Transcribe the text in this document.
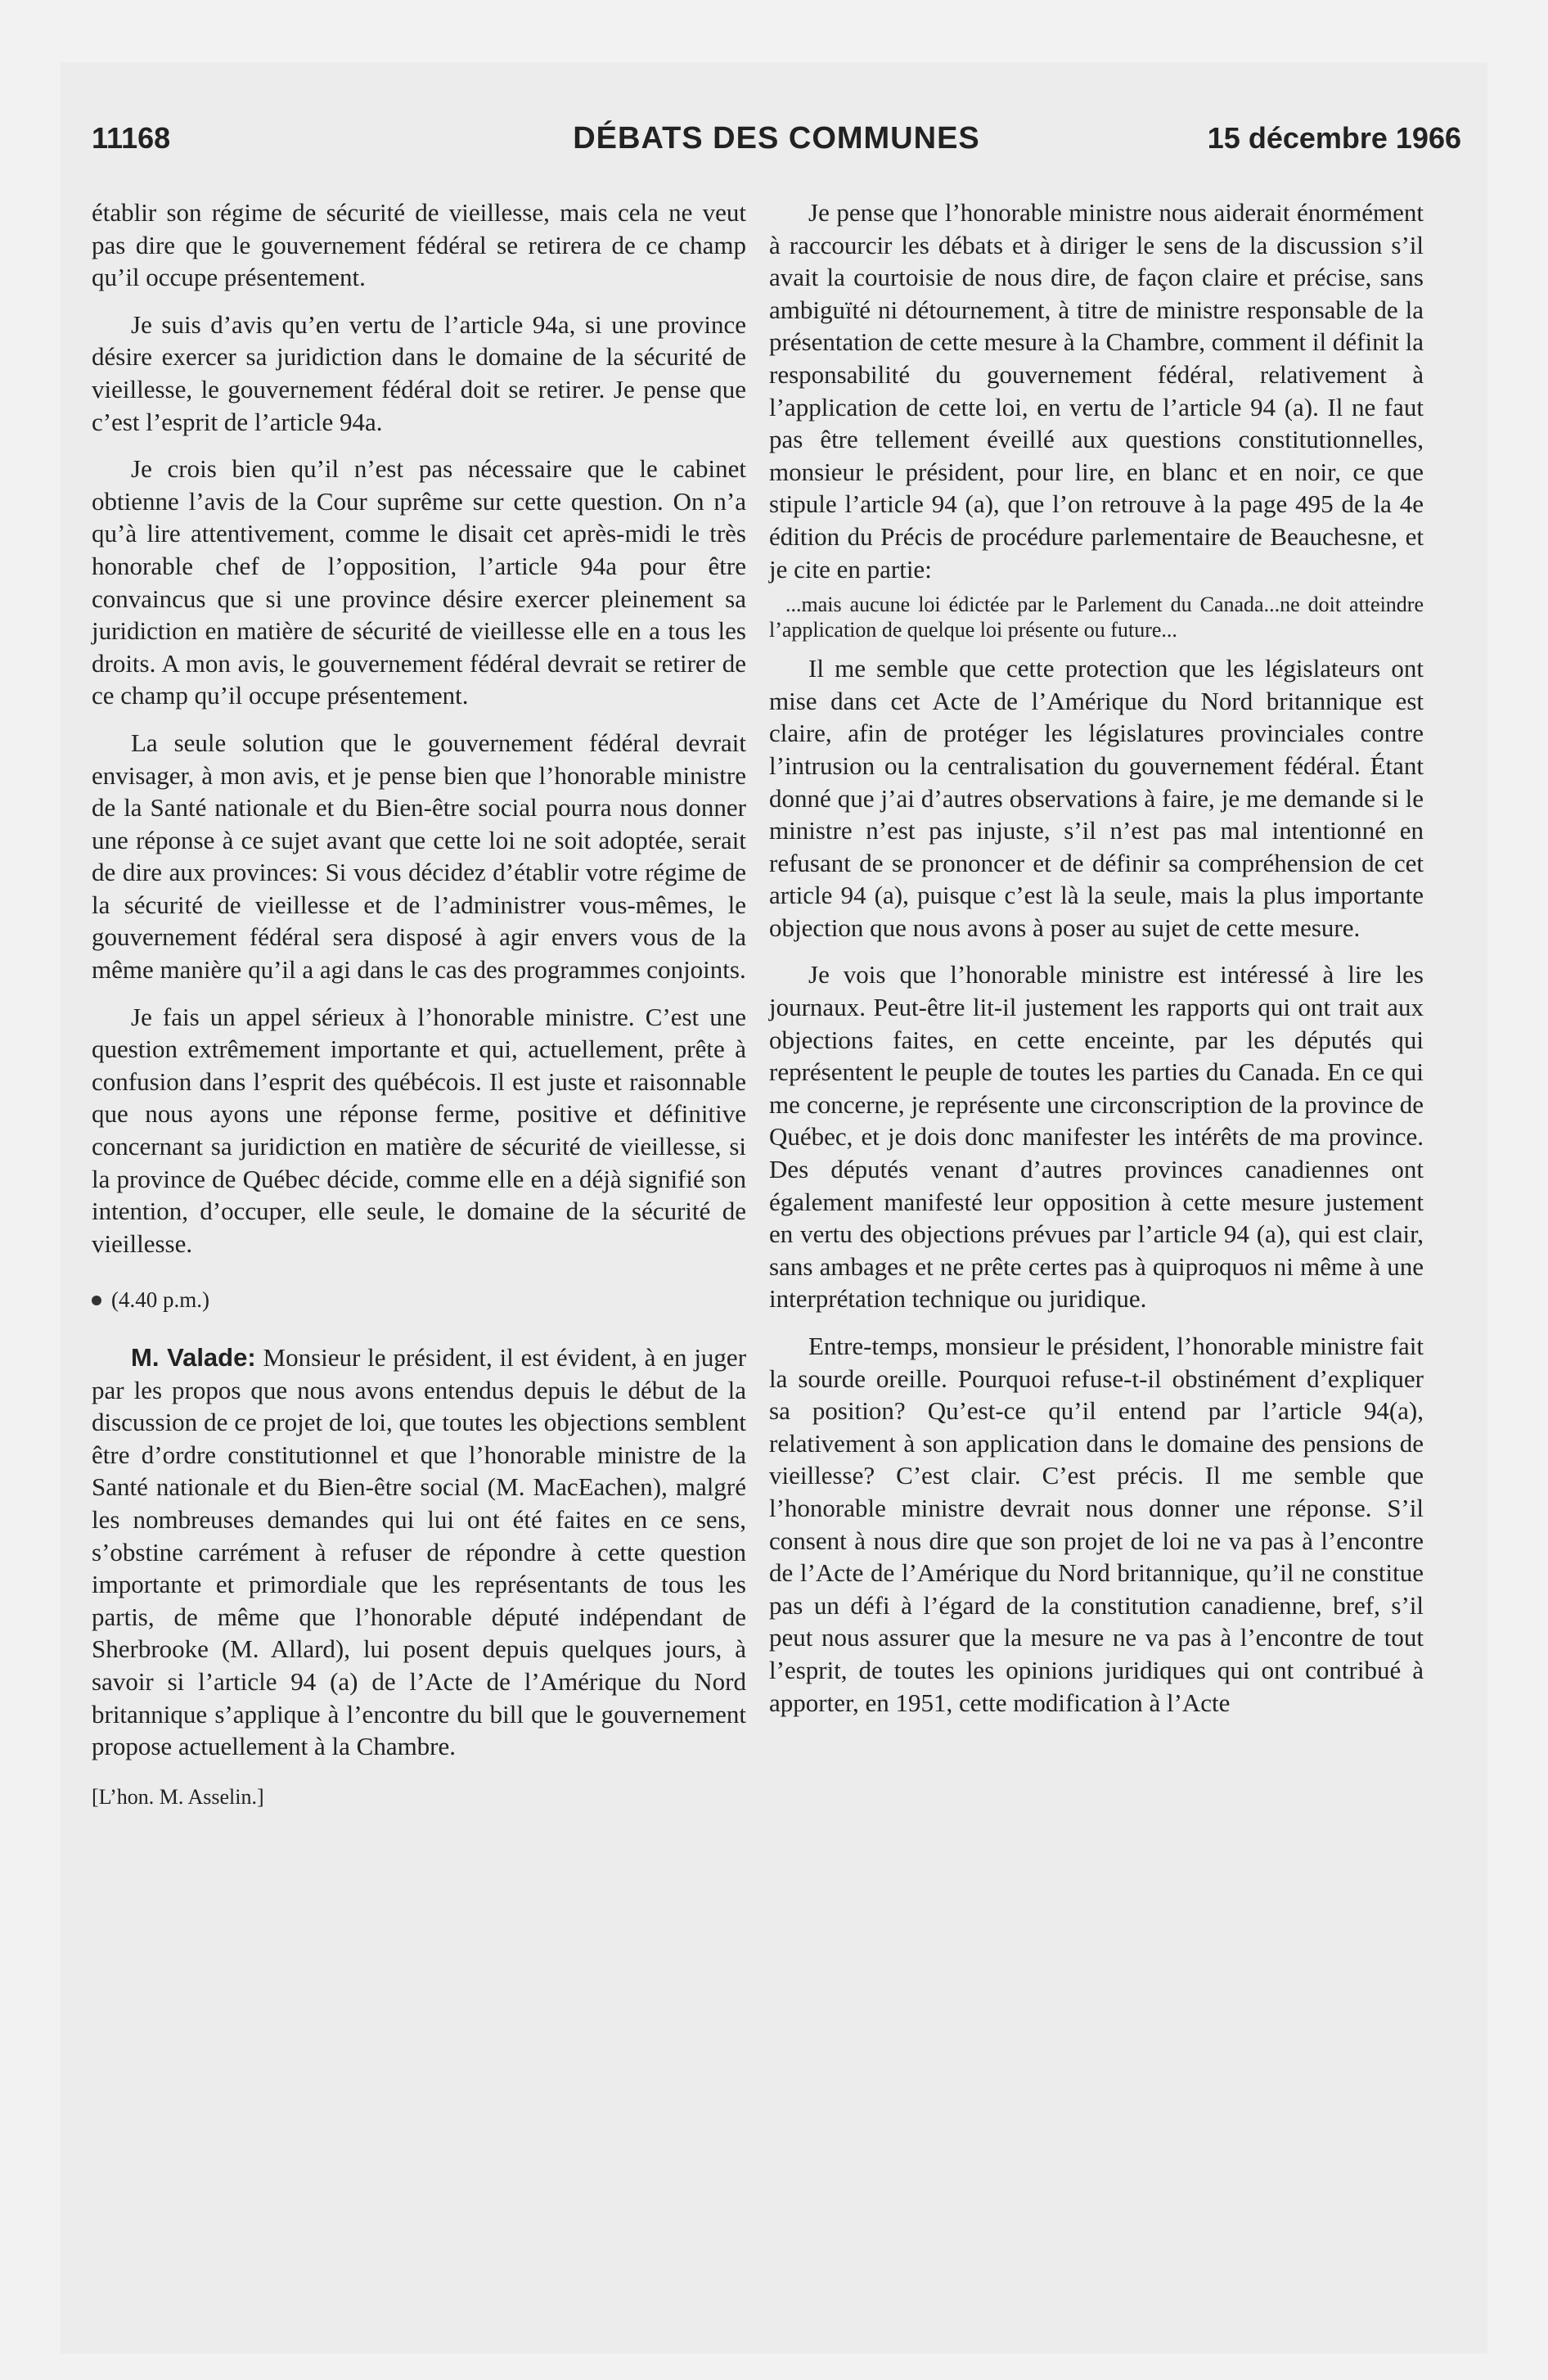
11168	DÉBATS DES COMMUNES	15 décembre 1966

établir son régime de sécurité de vieillesse, mais cela ne veut pas dire que le gouvernement fédéral se retirera de ce champ qu’il occupe présentement.

Je suis d’avis qu’en vertu de l’article 94a, si une province désire exercer sa juridiction dans le domaine de la sécurité de vieillesse, le gouvernement fédéral doit se retirer. Je pense que c’est l’esprit de l’article 94a.

Je crois bien qu’il n’est pas nécessaire que le cabinet obtienne l’avis de la Cour suprême sur cette question. On n’a qu’à lire attentivement, comme le disait cet après-midi le très honorable chef de l’opposition, l’article 94a pour être convaincus que si une province désire exercer pleinement sa juridiction en matière de sécurité de vieillesse elle en a tous les droits. A mon avis, le gouvernement fédéral devrait se retirer de ce champ qu’il occupe présentement.

La seule solution que le gouvernement fédéral devrait envisager, à mon avis, et je pense bien que l’honorable ministre de la Santé nationale et du Bien-être social pourra nous donner une réponse à ce sujet avant que cette loi ne soit adoptée, serait de dire aux provinces: Si vous décidez d’établir votre régime de la sécurité de vieillesse et de l’administrer vous-mêmes, le gouvernement fédéral sera disposé à agir envers vous de la même manière qu’il a agi dans le cas des programmes conjoints.

Je fais un appel sérieux à l’honorable ministre. C’est une question extrêmement importante et qui, actuellement, prête à confusion dans l’esprit des québécois. Il est juste et raisonnable que nous ayons une réponse ferme, positive et définitive concernant sa juridiction en matière de sécurité de vieillesse, si la province de Québec décide, comme elle en a déjà signifié son intention, d’occuper, elle seule, le domaine de la sécurité de vieillesse.

(4.40 p.m.)

M. Valade: Monsieur le président, il est évident, à en juger par les propos que nous avons entendus depuis le début de la discussion de ce projet de loi, que toutes les objections semblent être d’ordre constitutionnel et que l’honorable ministre de la Santé nationale et du Bien-être social (M. MacEachen), malgré les nombreuses demandes qui lui ont été faites en ce sens, s’obstine carrément à refuser de répondre à cette question importante et primordiale que les représentants de tous les partis, de même que l’honorable député indépendant de Sherbrooke (M. Allard), lui posent depuis quelques jours, à savoir si l’article 94 (a) de l’Acte de l’Amérique du Nord britannique s’applique à l’encontre du bill que le gouvernement propose actuellement à la Chambre.

[L’hon. M. Asselin.]

Je pense que l’honorable ministre nous aiderait énormément à raccourcir les débats et à diriger le sens de la discussion s’il avait la courtoisie de nous dire, de façon claire et précise, sans ambiguïté ni détournement, à titre de ministre responsable de la présentation de cette mesure à la Chambre, comment il définit la responsabilité du gouvernement fédéral, relativement à l’application de cette loi, en vertu de l’article 94 (a). Il ne faut pas être tellement éveillé aux questions constitutionnelles, monsieur le président, pour lire, en blanc et en noir, ce que stipule l’article 94 (a), que l’on retrouve à la page 495 de la 4e édition du Précis de procédure parlementaire de Beauchesne, et je cite en partie:

...mais aucune loi édictée par le Parlement du Canada...ne doit atteindre l’application de quelque loi présente ou future...

Il me semble que cette protection que les législateurs ont mise dans cet Acte de l’Amérique du Nord britannique est claire, afin de protéger les législatures provinciales contre l’intrusion ou la centralisation du gouvernement fédéral. Étant donné que j’ai d’autres observations à faire, je me demande si le ministre n’est pas injuste, s’il n’est pas mal intentionné en refusant de se prononcer et de définir sa compréhension de cet article 94 (a), puisque c’est là la seule, mais la plus importante objection que nous avons à poser au sujet de cette mesure.

Je vois que l’honorable ministre est intéressé à lire les journaux. Peut-être lit-il justement les rapports qui ont trait aux objections faites, en cette enceinte, par les députés qui représentent le peuple de toutes les parties du Canada. En ce qui me concerne, je représente une circonscription de la province de Québec, et je dois donc manifester les intérêts de ma province. Des députés venant d’autres provinces canadiennes ont également manifesté leur opposition à cette mesure justement en vertu des objections prévues par l’article 94 (a), qui est clair, sans ambages et ne prête certes pas à quiproquos ni même à une interprétation technique ou juridique.

Entre-temps, monsieur le président, l’honorable ministre fait la sourde oreille. Pourquoi refuse-t-il obstinément d’expliquer sa position? Qu’est-ce qu’il entend par l’article 94(a), relativement à son application dans le domaine des pensions de vieillesse? C’est clair. C’est précis. Il me semble que l’honorable ministre devrait nous donner une réponse. S’il consent à nous dire que son projet de loi ne va pas à l’encontre de l’Acte de l’Amérique du Nord britannique, qu’il ne constitue pas un défi à l’égard de la constitution canadienne, bref, s’il peut nous assurer que la mesure ne va pas à l’encontre de tout l’esprit, de toutes les opinions juridiques qui ont contribué à apporter, en 1951, cette modification à l’Acte
